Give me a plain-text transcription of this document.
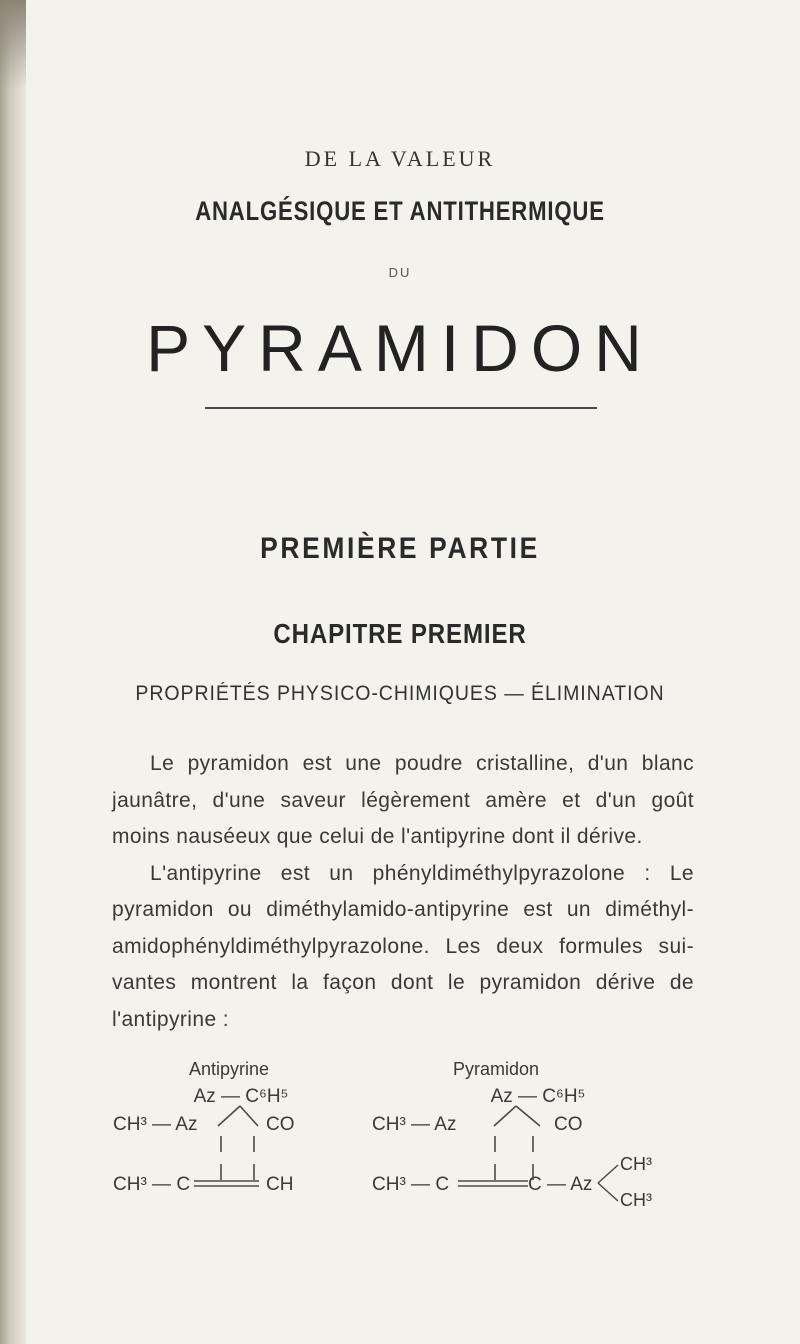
DE LA VALEUR
ANALGÉSIQUE ET ANTITHERMIQUE
DU
PYRAMIDON
PREMIÈRE PARTIE
CHAPITRE PREMIER
PROPRIÉTÉS PHYSICO-CHIMIQUES — ÉLIMINATION

Le pyramidon est une poudre cristalline, d'un blanc jaunâtre, d'une saveur légèrement amère et d'un goût moins nauséeux que celui de l'antipyrine dont il dérive.

L'antipyrine est un phényldiméthylpyrazolone : Le pyramidon ou diméthylamido-antipyrine est un diméthyl-amidophényldiméthylpyrazolone. Les deux formules sui-vantes montrent la façon dont le pyramidon dérive de l'antipyrine :

Antipyrine
Az — C⁶H⁵
CH³ — Az	CO
CH³ — C	CH
Pyramidon
Az — C⁶H⁵
CH³ — Az	CO
CH³ — C	C — Az
CH³
CH³
